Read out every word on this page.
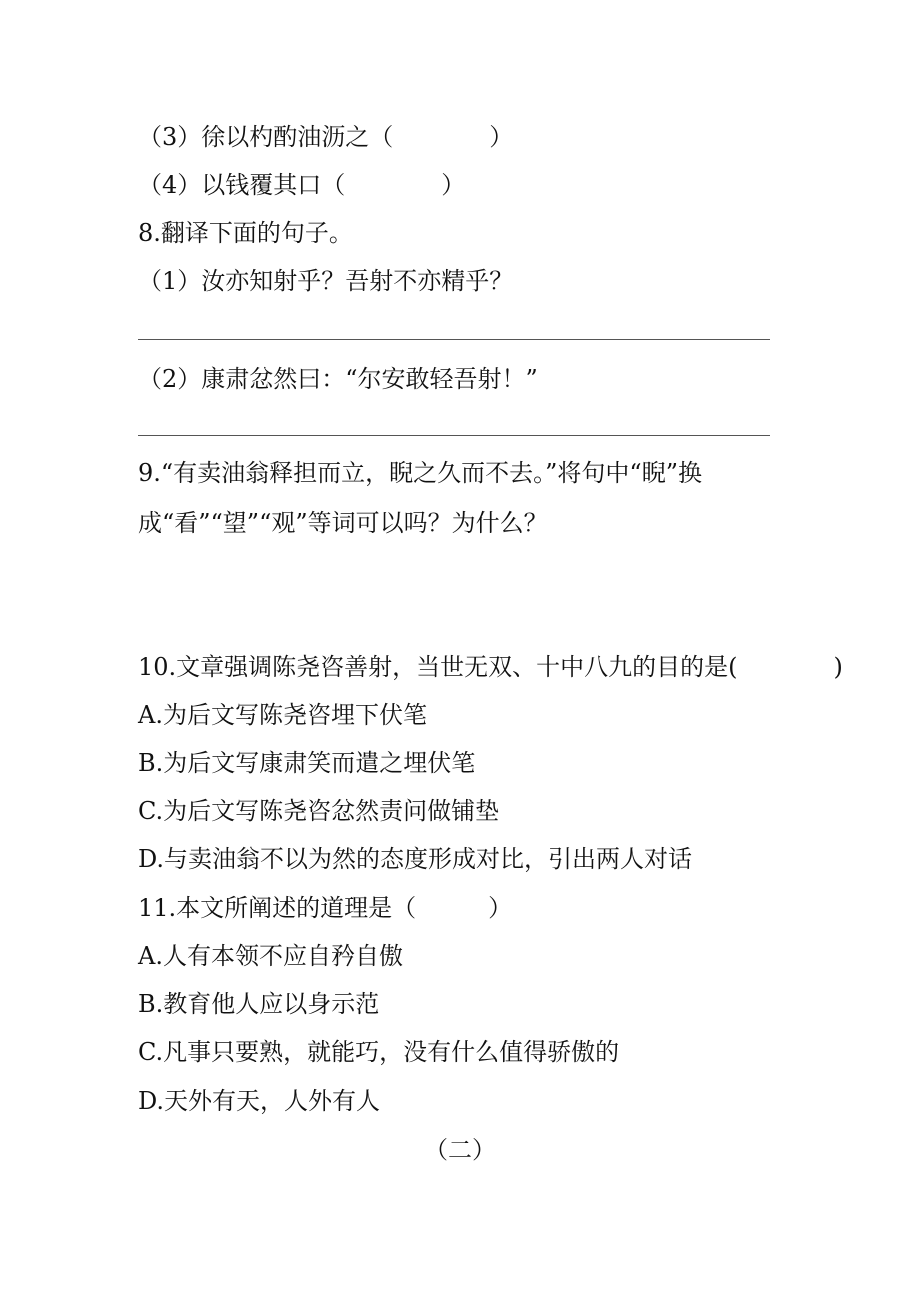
（3）徐以杓酌油沥之（　　　　）
（4）以钱覆其口（　　　　）
8.翻译下面的句子。
（1）汝亦知射乎？吾射不亦精乎？
（2）康肃忿然曰：“尔安敢轻吾射！”
9.“有卖油翁释担而立，睨之久而不去。”将句中“睨”换
成“看”“望”“观”等词可以吗？为什么？
10.文章强调陈尧咨善射，当世无双、十中八九的目的是(　　　　)
A.为后文写陈尧咨埋下伏笔
B.为后文写康肃笑而遣之埋伏笔
C.为后文写陈尧咨忿然责问做铺垫
D.与卖油翁不以为然的态度形成对比，引出两人对话
11.本文所阐述的道理是（　　　）
A.人有本领不应自矜自傲
B.教育他人应以身示范
C.凡事只要熟，就能巧，没有什么值得骄傲的
D.天外有天，人外有人
（二）
